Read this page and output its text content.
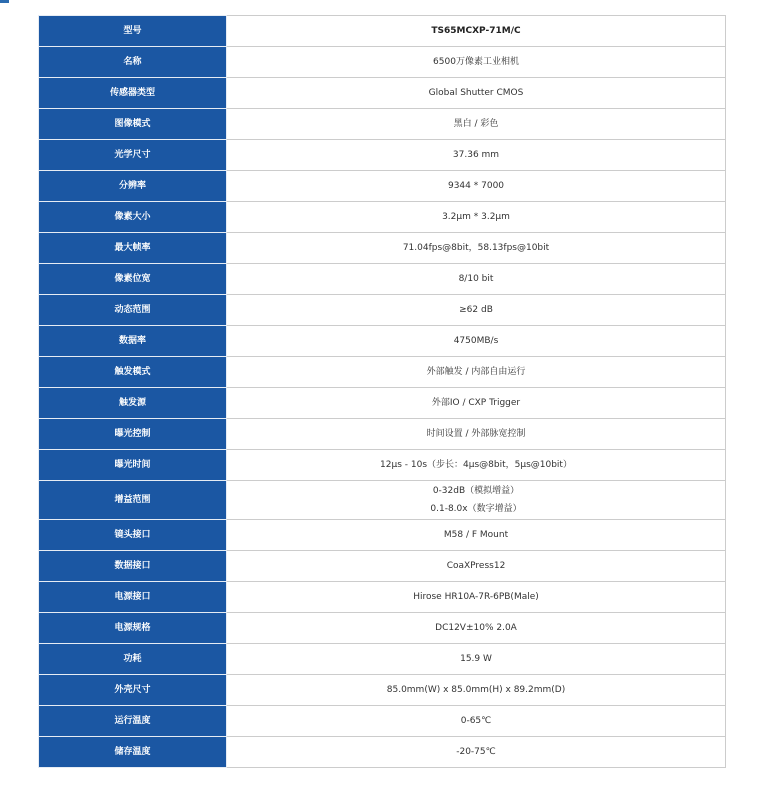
型号	TS65MCXP-71M/C
名称	6500万像素工业相机
传感器类型	Global Shutter CMOS
图像模式	黑白 / 彩色
光学尺寸	37.36 mm
分辨率	9344 * 7000
像素大小	3.2μm * 3.2μm
最大帧率	71.04fps@8bit，58.13fps@10bit
像素位宽	8/10 bit
动态范围	≥62 dB
数据率	4750MB/s
触发模式	外部触发 / 内部自由运行
触发源	外部IO / CXP Trigger
曝光控制	时间设置 / 外部脉宽控制
曝光时间	12μs - 10s（步长：4μs@8bit，5μs@10bit）
增益范围	0-32dB（模拟增益）
0.1-8.0x（数字增益）

镜头接口	M58 / F Mount
数据接口	CoaXPress12
电源接口	Hirose HR10A-7R-6PB(Male)
电源规格	DC12V±10% 2.0A
功耗	15.9 W
外壳尺寸	85.0mm(W) x 85.0mm(H) x 89.2mm(D)
运行温度	0-65℃
储存温度	-20-75℃
